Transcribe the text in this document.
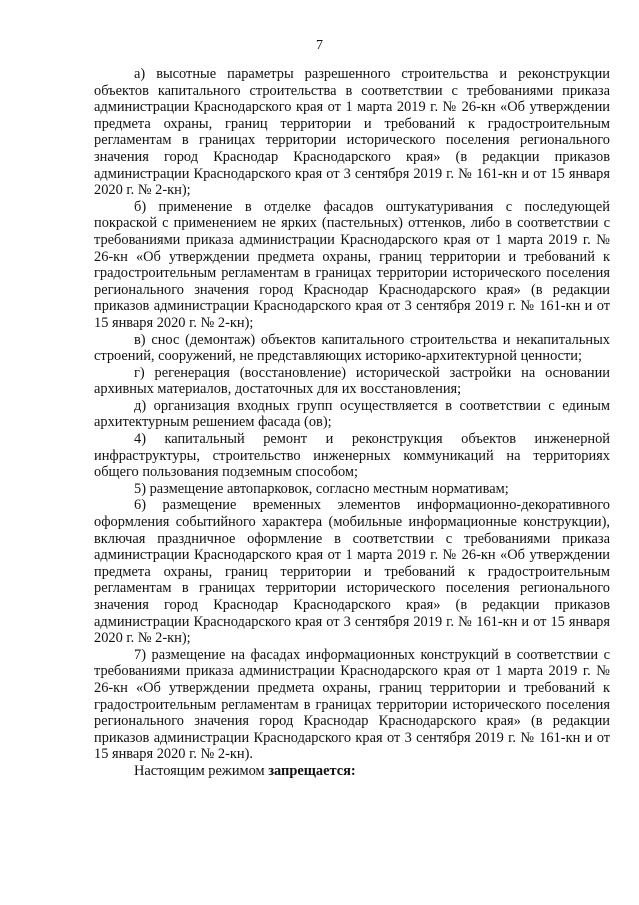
7

а) высотные параметры разрешенного строительства и реконструкции объектов капитального строительства в соответствии с требованиями приказа администрации Краснодарского края от 1 марта 2019 г. № 26-кн «Об утверждении предмета охраны, границ территории и требований к градостроительным регламентам в границах территории исторического поселения регионального значения город Краснодар Краснодарского края» (в редакции приказов администрации Краснодарского края от 3 сентября 2019 г. № 161-кн и от 15 января 2020 г. № 2-кн);

б) применение в отделке фасадов оштукатуривания с последующей покраской с применением не ярких (пастельных) оттенков, либо в соответствии с требованиями приказа администрации Краснодарского края от 1 марта 2019 г. № 26-кн «Об утверждении предмета охраны, границ территории и требований к градостроительным регламентам в границах территории исторического поселения регионального значения город Краснодар Краснодарского края» (в редакции приказов администрации Краснодарского края от 3 сентября 2019 г. № 161-кн и от 15 января 2020 г. № 2-кн);

в) снос (демонтаж) объектов капитального строительства и некапитальных строений, сооружений, не представляющих историко-архитектурной ценности;

г) регенерация (восстановление) исторической застройки на основании архивных материалов, достаточных для их восстановления;

д) организация входных групп осуществляется в соответствии с единым архитектурным решением фасада (ов);

4) капитальный ремонт и реконструкция объектов инженерной инфраструктуры, строительство инженерных коммуникаций на территориях общего пользования подземным способом;

5) размещение автопарковок, согласно местным нормативам;

6) размещение временных элементов информационно-декоративного оформления событийного характера (мобильные информационные конструкции), включая праздничное оформление в соответствии с требованиями приказа администрации Краснодарского края от 1 марта 2019 г. № 26-кн «Об утверждении предмета охраны, границ территории и требований к градостроительным регламентам в границах территории исторического поселения регионального значения город Краснодар Краснодарского края» (в редакции приказов администрации Краснодарского края от 3 сентября 2019 г. № 161-кн и от 15 января 2020 г. № 2-кн);

7) размещение на фасадах информационных конструкций в соответствии с требованиями приказа администрации Краснодарского края от 1 марта 2019 г. № 26-кн «Об утверждении предмета охраны, границ территории и требований к градостроительным регламентам в границах территории исторического поселения регионального значения город Краснодар Краснодарского края» (в редакции приказов администрации Краснодарского края от 3 сентября 2019 г. № 161-кн и от 15 января 2020 г. № 2-кн).

Настоящим режимом запрещается:
